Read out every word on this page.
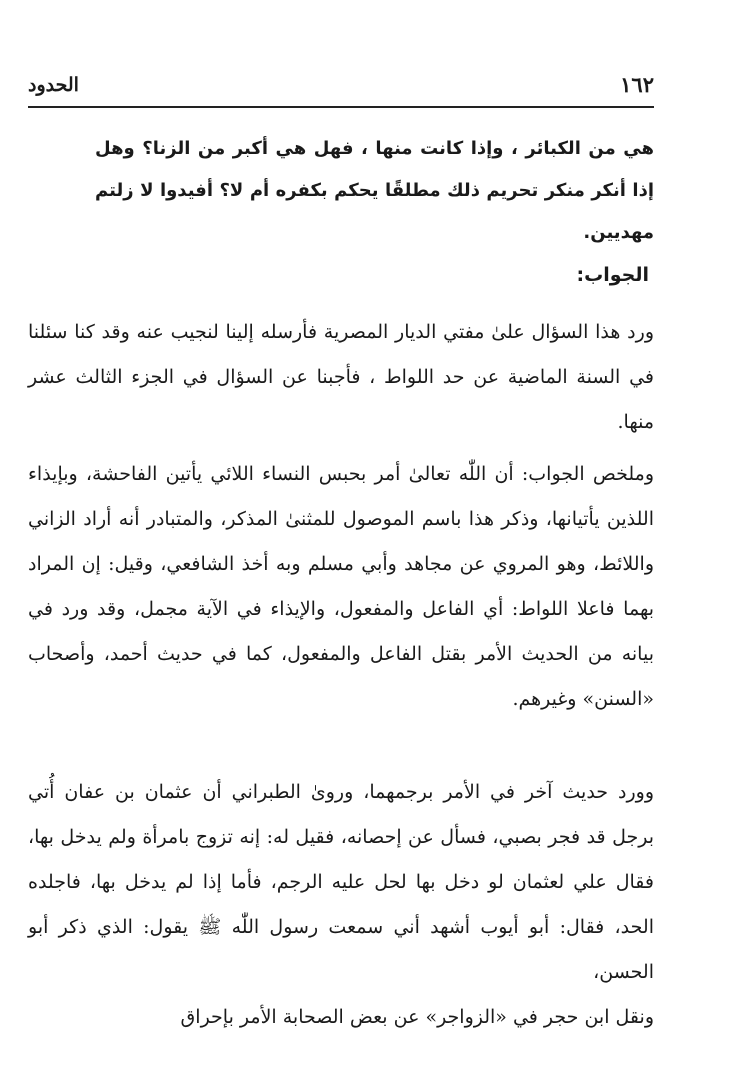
١٦٢
الحدود
هي من الكبائر ، وإذا كانت منها ، فهل هي أكبر من الزنا؟ وهل إذا أنكر منكر تحريم ذلك مطلقًا يحكم بكفره أم لا؟ أفيدوا لا زلتم مهديين.
الجواب:

ورد هذا السؤال علىٰ مفتي الديار المصرية فأرسله إلينا لنجيب عنه وقد كنا سئلنا في السنة الماضية عن حد اللواط ، فأجبنا عن السؤال في الجزء الثالث عشر منها.

وملخص الجواب: أن اللّٰه تعالىٰ أمر بحبس النساء اللائي يأتين الفاحشة، وبإيذاء اللذين يأتيانها، وذكر هذا باسم الموصول للمثنىٰ المذكر، والمتبادر أنه أراد الزاني واللائط، وهو المروي عن مجاهد وأبي مسلم وبه أخذ الشافعي، وقيل: إن المراد بهما فاعلا اللواط: أي الفاعل والمفعول، والإيذاء في الآية مجمل، وقد ورد في بيانه من الحديث الأمر بقتل الفاعل والمفعول، كما في حديث أحمد، وأصحاب «السنن» وغيرهم.

وورد حديث آخر في الأمر برجمهما، وروىٰ الطبراني أن عثمان بن عفان أُتي برجل قد فجر بصبي، فسأل عن إحصانه، فقيل له: إنه تزوج بامرأة ولم يدخل بها، فقال علي لعثمان لو دخل بها لحل عليه الرجم، فأما إذا لم يدخل بها، فاجلده الحد، فقال: أبو أيوب أشهد أني سمعت رسول اللّٰه ﷺ يقول: الذي ذكر أبو الحسن،

ونقل ابن حجر في «الزواجر» عن بعض الصحابة الأمر بإحراق
